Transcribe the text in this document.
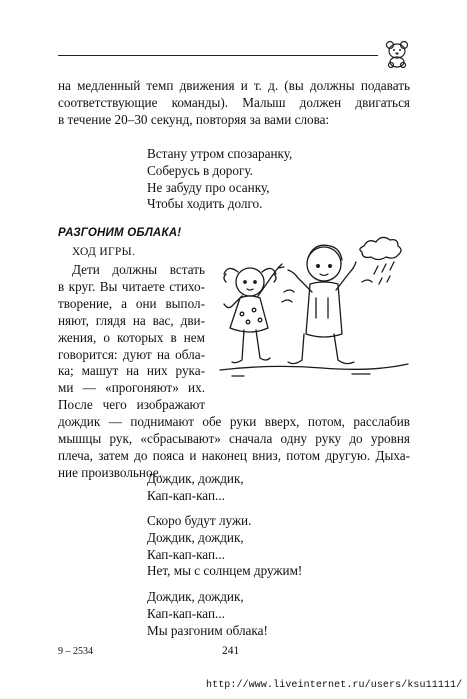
на медленный темп движения и т. д. (вы должны подавать
соответствующие команды). Малыш должен двигаться
в течение 20–30 секунд, повторяя за вами слова:

Встану утром спозаранку,
Соберусь в дорогу.
Не забуду про осанку,
Чтобы ходить долго.
РАЗГОНИМ ОБЛАКА!
ХОД ИГРЫ.
Дети должны встать
в круг. Вы читаете стихо-
творение, а они выпол-
няют, глядя на вас, дви-
жения, о которых в нем
говорится: дуют на обла-
ка; машут на них рука-
ми — «прогоняют» их.
После чего изображают
дождик — поднимают обе руки вверх, потом, расслабив
мышцы рук, «сбрасывают» сначала одну руку до уровня
плеча, затем до пояса и наконец вниз, потом другую. Дыха-
ние произвольное.
Дождик, дождик,
Кап-кап-кап...
Скоро будут лужи.
Дождик, дождик,
Кап-кап-кап...
Нет, мы с солнцем дружим!
Дождик, дождик,
Кап-кап-кап...
Мы разгоним облака!
9 – 2534	241
http://www.liveinternet.ru/users/ksu11111/
